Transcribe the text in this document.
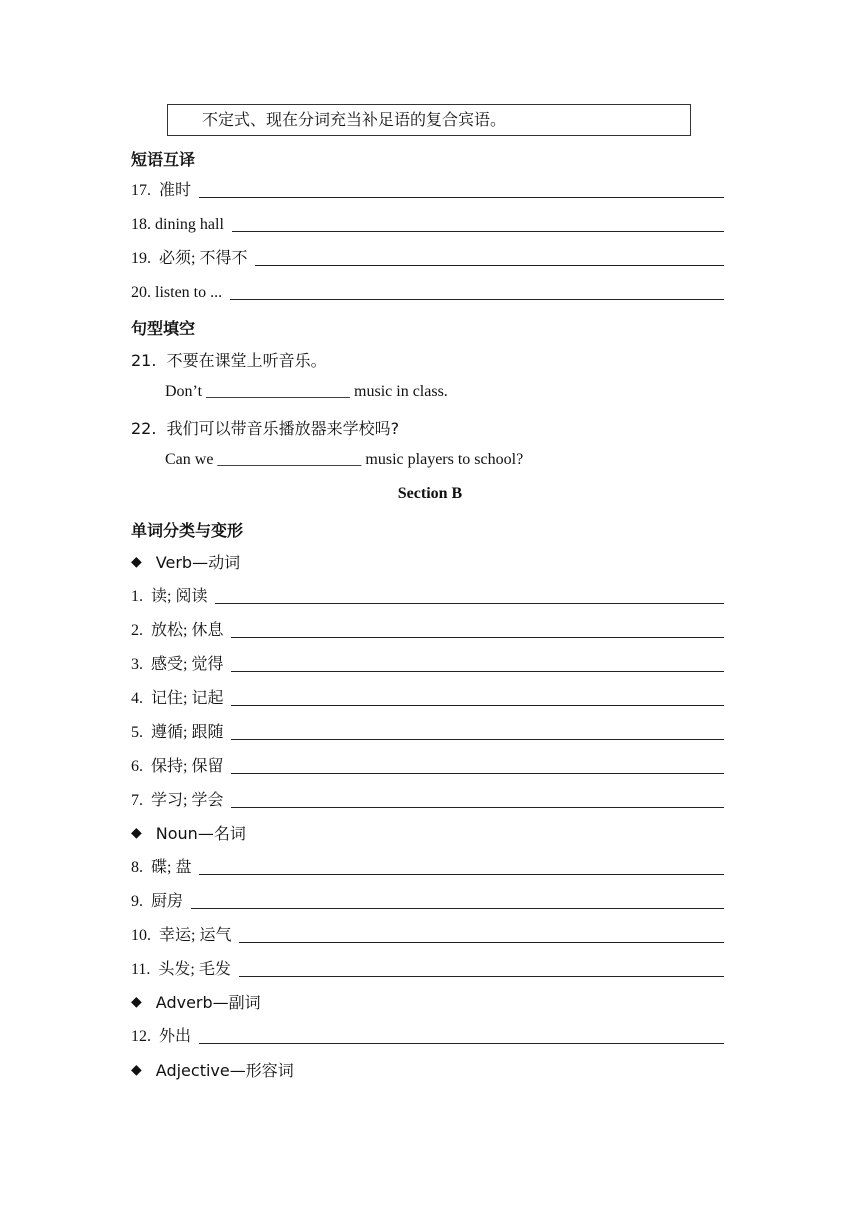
不定式、现在分词充当补足语的复合宾语。
短语互译
17.  准时
18. dining hall
19.  必须; 不得不
20. listen to ...
句型填空
21.  不要在课堂上听音乐。
Don’t __________________ music in class.
22.  我们可以带音乐播放器来学校吗?
Can we __________________ music players to school?
Section B
单词分类与变形
◆ Verb—动词
1.  读; 阅读
2.  放松; 休息
3.  感受; 觉得
4.  记住; 记起
5.  遵循; 跟随
6.  保持; 保留
7.  学习; 学会
◆ Noun—名词
8.  碟; 盘
9.  厨房
10.  幸运; 运气
11.  头发; 毛发
◆ Adverb—副词
12.  外出
◆ Adjective—形容词
